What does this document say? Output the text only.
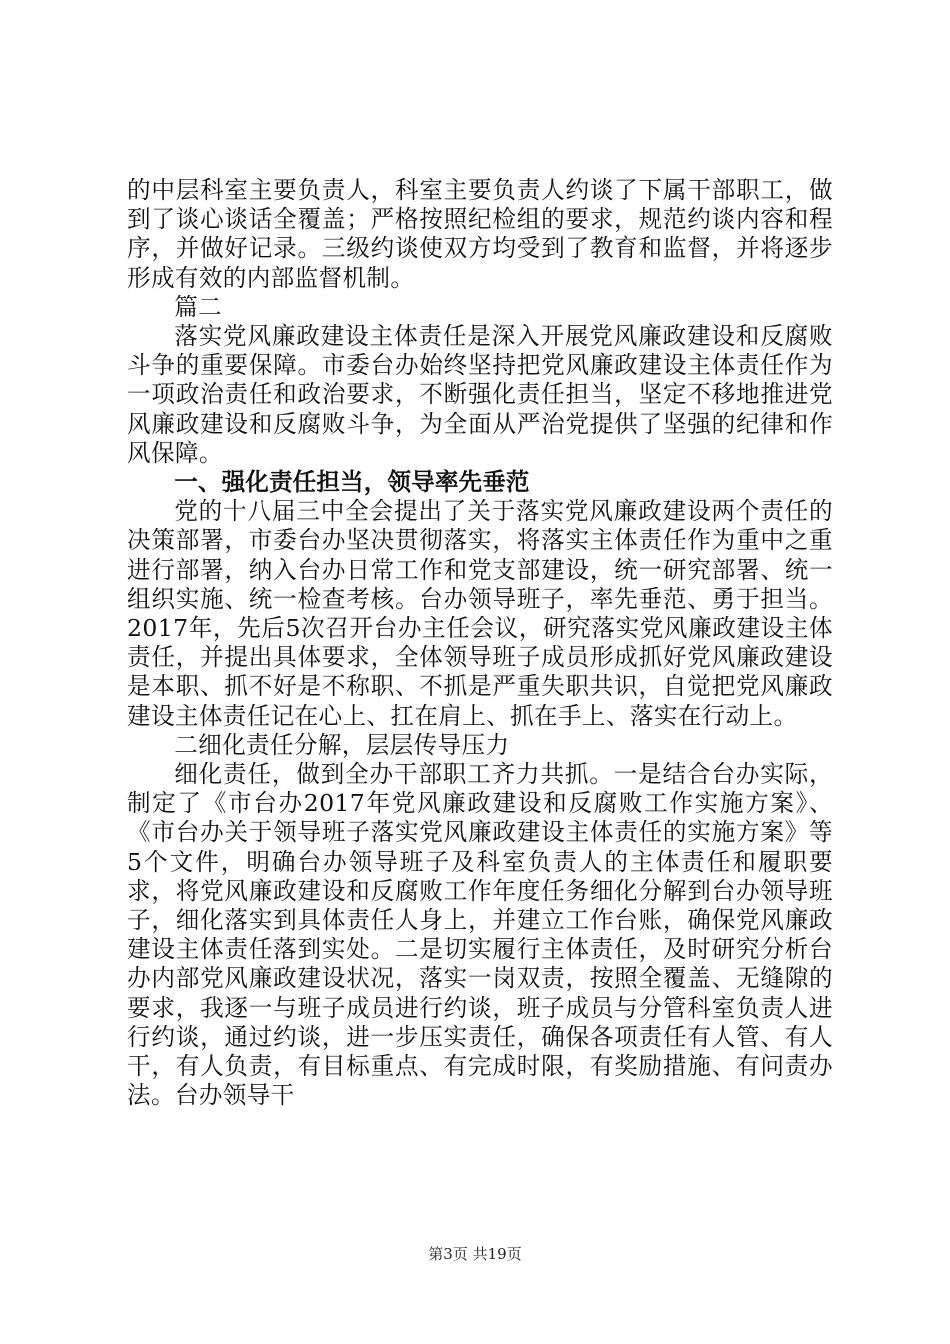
的中层科室主要负责人，科室主要负责人约谈了下属干部职工，做到了谈心谈话全覆盖；严格按照纪检组的要求，规范约谈内容和程序，并做好记录。三级约谈使双方均受到了教育和监督，并将逐步形成有效的内部监督机制。

篇二

落实党风廉政建设主体责任是深入开展党风廉政建设和反腐败斗争的重要保障。市委台办始终坚持把党风廉政建设主体责任作为一项政治责任和政治要求，不断强化责任担当，坚定不移地推进党风廉政建设和反腐败斗争，为全面从严治党提供了坚强的纪律和作风保障。

一、强化责任担当，领导率先垂范

党的十八届三中全会提出了关于落实党风廉政建设两个责任的决策部署，市委台办坚决贯彻落实，将落实主体责任作为重中之重进行部署，纳入台办日常工作和党支部建设，统一研究部署、统一组织实施、统一检查考核。台办领导班子，率先垂范、勇于担当。2017年，先后5次召开台办主任会议，研究落实党风廉政建设主体责任，并提出具体要求，全体领导班子成员形成抓好党风廉政建设是本职、抓不好是不称职、不抓是严重失职共识，自觉把党风廉政建设主体责任记在心上、扛在肩上、抓在手上、落实在行动上。

二细化责任分解，层层传导压力

细化责任，做到全办干部职工齐力共抓。一是结合台办实际，制定了《市台办2017年党风廉政建设和反腐败工作实施方案》、《市台办关于领导班子落实党风廉政建设主体责任的实施方案》等5个文件，明确台办领导班子及科室负责人的主体责任和履职要求，将党风廉政建设和反腐败工作年度任务细化分解到台办领导班子，细化落实到具体责任人身上，并建立工作台账，确保党风廉政建设主体责任落到实处。二是切实履行主体责任，及时研究分析台办内部党风廉政建设状况，落实一岗双责，按照全覆盖、无缝隙的要求，我逐一与班子成员进行约谈，班子成员与分管科室负责人进行约谈，通过约谈，进一步压实责任，确保各项责任有人管、有人干，有人负责，有目标重点、有完成时限，有奖励措施、有问责办法。台办领导干

第3页 共19页
